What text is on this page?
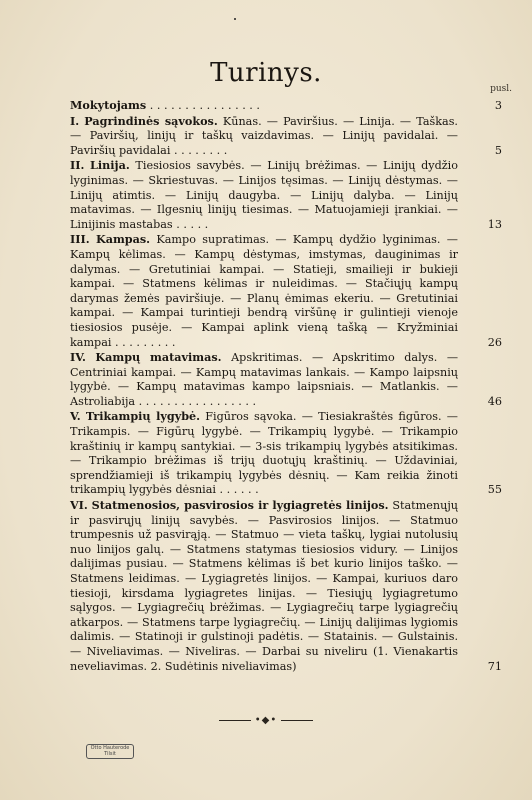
Turinys.
pusl.
Mokytojams . . . . . . . . . . . . . . . .	3
I. Pagrindinės sąvokos. Kūnas. — Paviršius. — Linija. — Taškas. — Paviršių, linijų ir taškų vaizdavimas. — Linijų pavidalai. — Paviršių pavidalai . . . . . . . .	5
II. Linija. Tiesiosios savybės. — Linijų brėžimas. — Linijų dydžio lyginimas. — Skriestuvas. — Linijos tęsimas. — Linijų dėstymas. — Linijų atimtis. — Linijų daugyba. — Linijų dalyba. — Linijų matavimas. — Ilgesnių linijų tiesimas. — Matuojamieji įrankiai. — Linijinis mastabas . . . . .	13
III. Kampas. Kampo supratimas. — Kampų dydžio lyginimas. — Kampų kėlimas. — Kampų dėstymas, imstymas, dauginimas ir dalymas. — Gretutiniai kampai. — Statieji, smailieji ir bukieji kampai. — Statmens kėlimas ir nuleidimas. — Stačiųjų kampų darymas žemės paviršiuje. — Planų ėmimas ekeriu. — Gretutiniai kampai. — Kampai turintieji bendrą viršūnę ir gulintieji vienoje tiesiosios pusėje. — Kampai aplink vieną tašką — Kryžminiai kampai . . . . . . . . .	26
IV. Kampų matavimas. Apskritimas. — Apskritimo dalys. — Centriniai kampai. — Kampų matavimas lankais. — Kampo laipsnių lygybė. — Kampų matavimas kampo laipsniais. — Matlankis. — Astroliabija . . . . . . . . . . . . . . . . .	46
V. Trikampių lygybė. Figūros sąvoka. — Tiesiakraštės figūros. — Trikampis. — Figūrų lygybė. — Trikampių lygybė. — Trikampio kraštinių ir kampų santykiai. — 3-sis trikampių lygybės atsitikimas. — Trikampio brėžimas iš trijų duotųjų kraštinių. — Uždaviniai, sprendžiamieji iš trikampių lygybės dėsnių. — Kam reikia žinoti trikampių lygybės dėsniai . . . . . .	55
VI. Statmenosios, pasvirosios ir lygiagretės linijos. Statmenųjų ir pasvirųjų linijų savybės. — Pasvirosios linijos. — Statmuo trumpesnis už pasvirąją. — Statmuo — vieta taškų, lygiai nutolusių nuo linijos galų. — Statmens statymas tiesiosios vidury. — Linijos dalijimas pusiau. — Statmens kėlimas iš bet kurio linijos taško. — Statmens leidimas. — Lygiagretės linijos. — Kampai, kuriuos daro tiesioji, kirsdama lygiagretes linijas. — Tiesiųjų lygiagretumo sąlygos. — Lygiagrečių brėžimas. — Lygiagrečių tarpe lygiagrečių atkarpos. — Statmens tarpe lygiagrečių. — Linijų dalijimas lygiomis dalimis. — Statinoji ir gulstinoji padėtis. — Statainis. — Gulstainis. — Niveliavimas. — Niveliras. — Darbai su niveliru (1. Vienakartis neveliavimas. 2. Sudėtinis niveliavimas)	71
•◆•
Otto Hauterode
Tilsit
